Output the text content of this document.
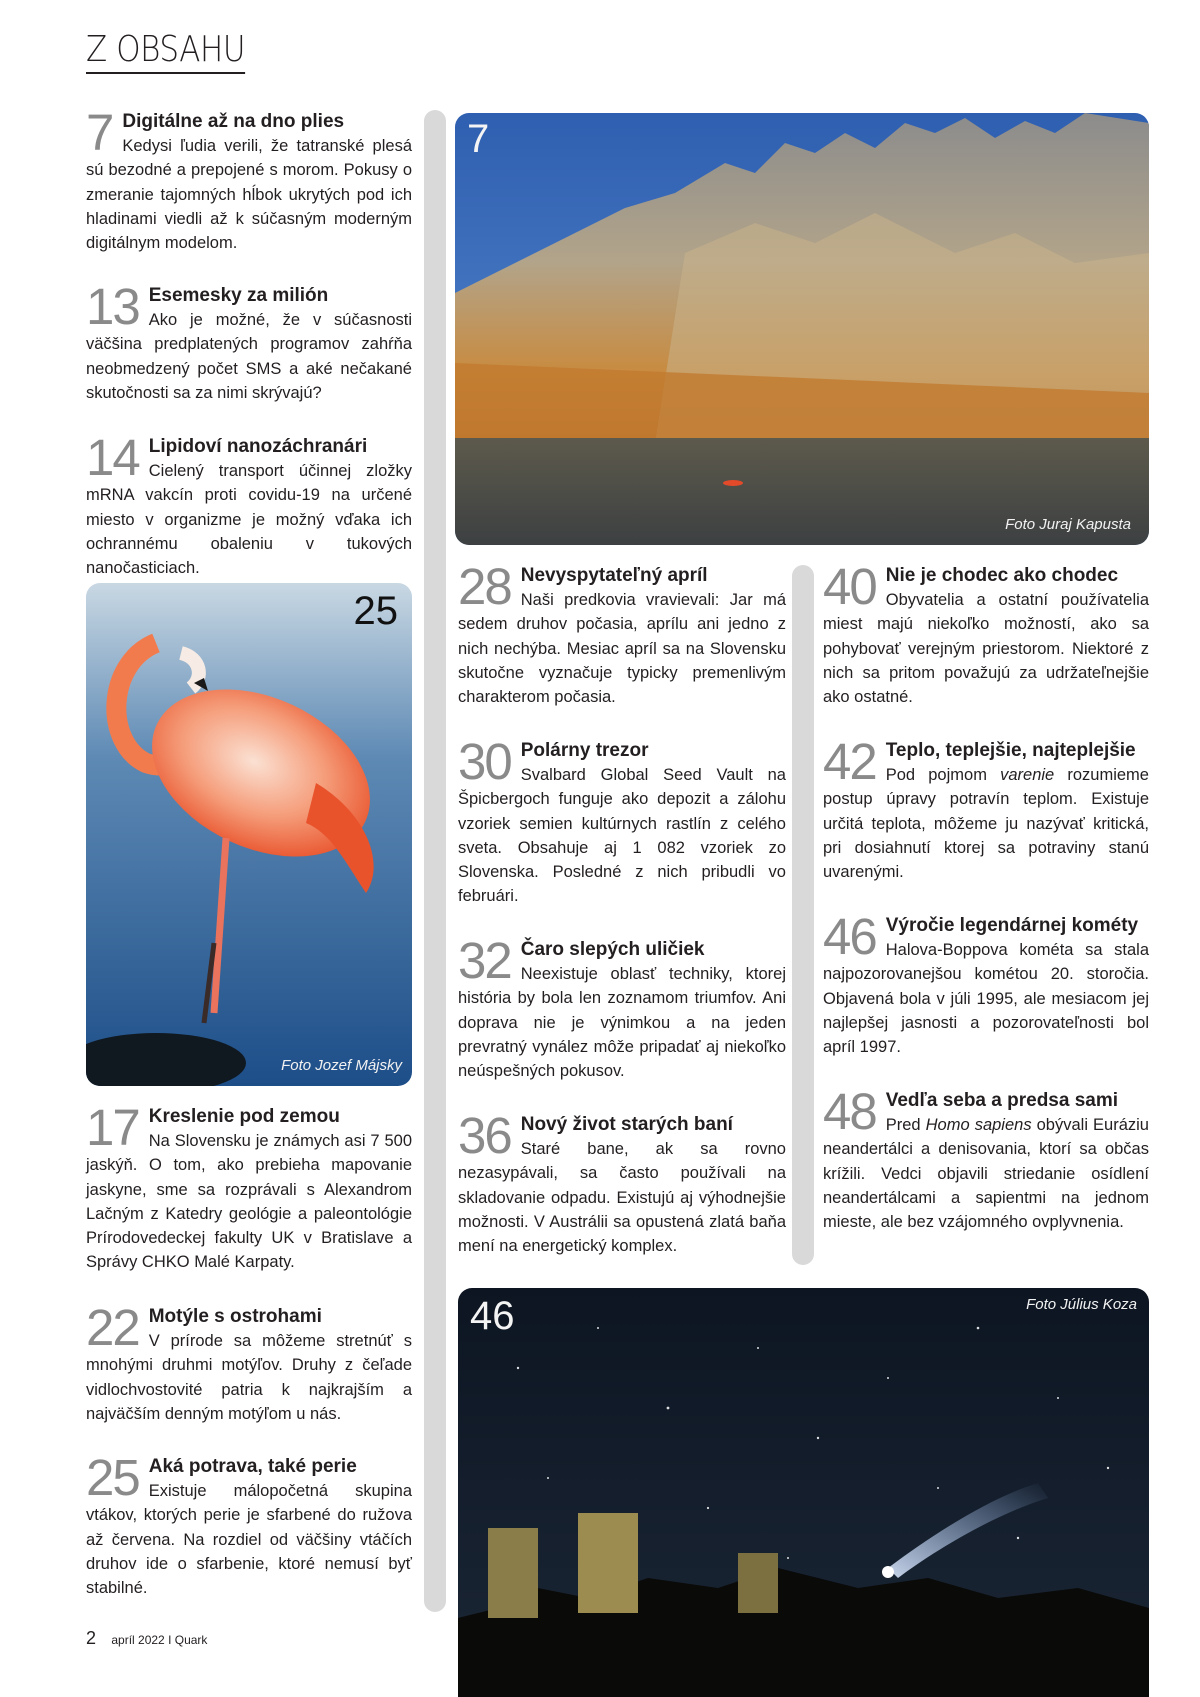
Z OBSAHU
7 Digitálne až na dno plies
Kedysi ľudia verili, že tatranské plesá sú bezodné a prepojené s morom. Pokusy o zmeranie tajomných hĺbok ukrytých pod ich hladinami viedli až k súčasným moderným digitálnym modelom.
13 Esemesky za milión
Ako je možné, že v súčasnosti väčšina predplatených programov zahŕňa neobmedzený počet SMS a aké nečakané skutočnosti sa za nimi skrývajú?
14 Lipidoví nanozáchranári
Cielený transport účinnej zložky mRNA vakcín proti covidu-19 na určené miesto v organizme je možný vďaka ich ochrannému obaleniu v tukových nanočasticiach.
25
Foto Jozef Májsky
17 Kreslenie pod zemou
Na Slovensku je známych asi 7 500 jaskýň. O tom, ako prebieha mapovanie jaskyne, sme sa rozprávali s Alexandrom Lačným z Katedry geológie a paleontológie Prírodovedeckej fakulty UK v Bratislave a Správy CHKO Malé Karpaty.
22 Motýle s ostrohami
V prírode sa môžeme stretnúť s mnohými druhmi motýľov. Druhy z čeľade vidlochvostovité patria k najkrajším a najväčším denným motýľom u nás.
25 Aká potrava, také perie
Existuje málopočetná skupina vtákov, ktorých perie je sfarbené do ružova až červena. Na rozdiel od väčšiny vtáčích druhov ide o sfarbenie, ktoré nemusí byť stabilné.
7
Foto Juraj Kapusta
28 Nevyspytateľný apríl
Naši predkovia vravievali: Jar má sedem druhov počasia, aprílu ani jedno z nich nechýba. Mesiac apríl sa na Slovensku skutočne vyznačuje typicky premenlivým charakterom počasia.
30 Polárny trezor
Svalbard Global Seed Vault na Špicbergoch funguje ako depozit a zálohu vzoriek semien kultúrnych rastlín z celého sveta. Obsahuje aj 1 082 vzoriek zo Slovenska. Posledné z nich pribudli vo februári.
32 Čaro slepých uličiek
Neexistuje oblasť techniky, ktorej história by bola len zoznamom triumfov. Ani doprava nie je výnimkou a na jeden prevratný vynález môže pripadať aj niekoľko neúspešných pokusov.
36 Nový život starých baní
Staré bane, ak sa rovno nezasypávali, sa často používali na skladovanie odpadu. Existujú aj výhodnejšie možnosti. V Austrálii sa opustená zlatá baňa mení na energetický komplex.
40 Nie je chodec ako chodec
Obyvatelia a ostatní používatelia miest majú niekoľko možností, ako sa pohybovať verejným priestorom. Niektoré z nich sa pritom považujú za udržateľnejšie ako ostatné.
42 Teplo, teplejšie, najteplejšie
Pod pojmom varenie rozumieme postup úpravy potravín teplom. Existuje určitá teplota, môžeme ju nazývať kritická, pri dosiahnutí ktorej sa potraviny stanú uvarenými.
46 Výročie legendárnej kométy
Halova-Boppova kométa sa stala najpozorovanejšou kométou 20. storočia. Objavená bola v júli 1995, ale mesiacom jej najlepšej jasnosti a pozorovateľnosti bol apríl 1997.
48 Vedľa seba a predsa sami
Pred Homo sapiens obývali Eurázіu neandertálci a denisovania, ktorí sa občas krížili. Vedci objavili striedanie osídlení neandertálcami a sapientmi na jednom mieste, ale bez vzájomného ovplyvnenia.
46	Foto Július Koza
2 apríl 2022 I Quark
